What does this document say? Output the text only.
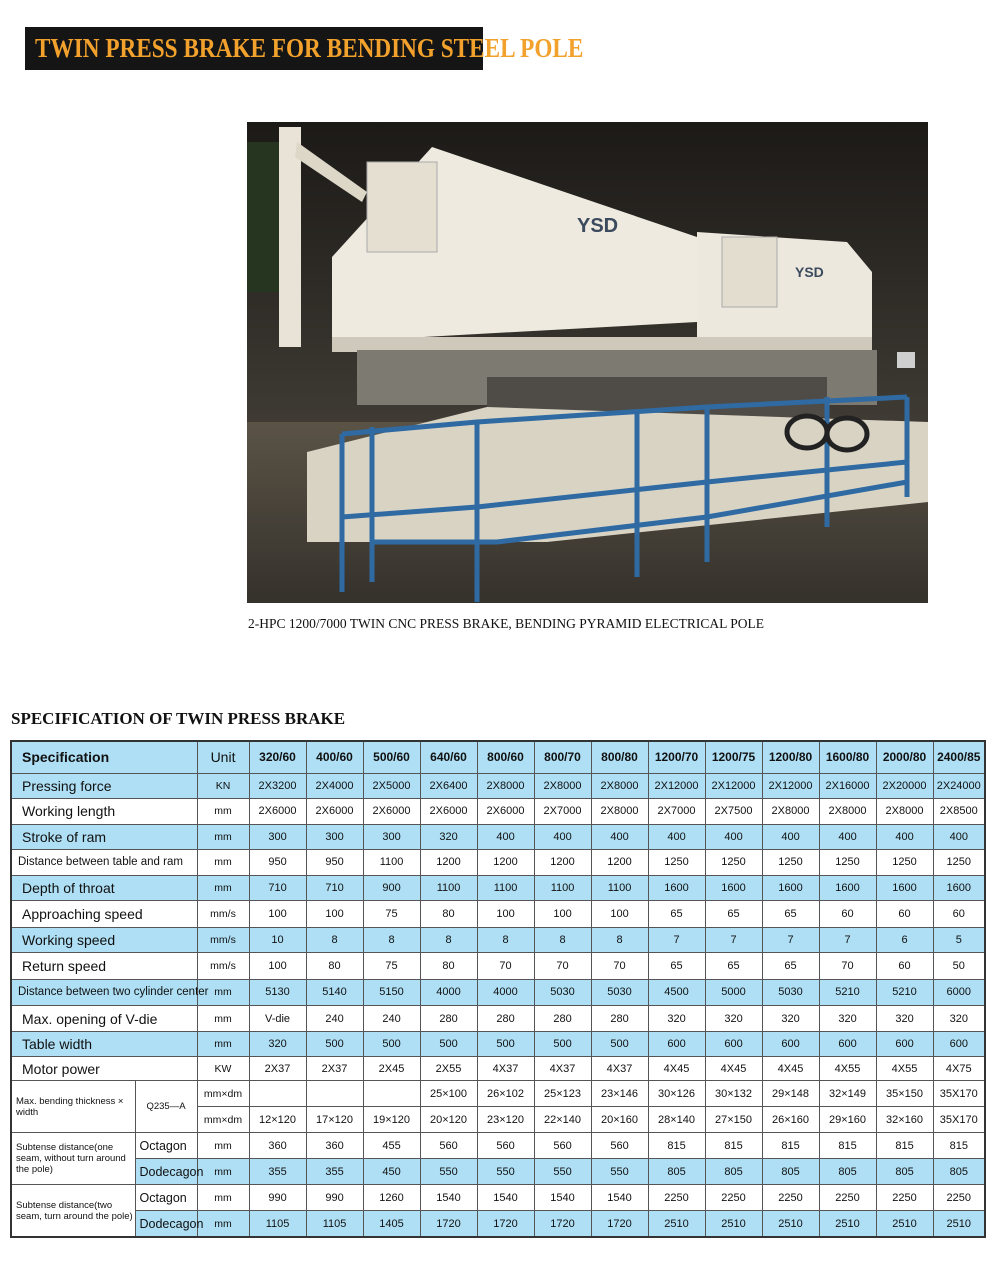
TWIN PRESS BRAKE FOR BENDING STEEL POLE
YSD
YSD
2-HPC 1200/7000 TWIN CNC PRESS BRAKE, BENDING PYRAMID ELECTRICAL POLE
SPECIFICATION OF TWIN PRESS BRAKE
Specification		Unit	320/60	400/60	500/60	640/60	800/60	800/70	800/80	1200/70	1200/75	1200/80	1600/80	2000/80	2400/85
Pressing force		KN	2X3200	2X4000	2X5000	2X6400	2X8000	2X8000	2X8000	2X12000	2X12000	2X12000	2X16000	2X20000	2X24000
Working length		mm	2X6000	2X6000	2X6000	2X6000	2X6000	2X7000	2X8000	2X7000	2X7500	2X8000	2X8000	2X8000	2X8500
Stroke of ram		mm	300	300	300	320	400	400	400	400	400	400	400	400	400
Distance between table and ram		mm	950	950	1100	1200	1200	1200	1200	1250	1250	1250	1250	1250	1250
Depth of throat		mm	710	710	900	1100	1100	1100	1100	1600	1600	1600	1600	1600	1600
Approaching speed		mm/s	100	100	75	80	100	100	100	65	65	65	60	60	60
Working speed		mm/s	10	8	8	8	8	8	8	7	7	7	7	6	5
Return speed		mm/s	100	80	75	80	70	70	70	65	65	65	70	60	50
Distance between two cylinder center		mm	5130	5140	5150	4000	4000	5030	5030	4500	5000	5030	5210	5210	6000
Max. opening of V-die		mm	V-die	240	240	280	280	280	280	320	320	320	320	320	320
Table width		mm	320	500	500	500	500	500	500	600	600	600	600	600	600
Motor power		KW	2X37	2X37	2X45	2X55	4X37	4X37	4X37	4X45	4X45	4X45	4X55	4X55	4X75
Max. bending thickness × width	Q235—A	mm×dm				25×100	26×102	25×123	23×146	30×126	30×132	29×148	32×149	35×150	35X170
		mm×dm	12×120	17×120	19×120	20×120	23×120	22×140	20×160	28×140	27×150	26×160	29×160	32×160	35X170
Subtense distance(one seam, without turn around the pole)	Octagon	mm	360	360	455	560	560	560	560	815	815	815	815	815	815
	Dodecagon	mm	355	355	450	550	550	550	550	805	805	805	805	805	805
Subtense distance(two seam, turn around the pole)	Octagon	mm	990	990	1260	1540	1540	1540	1540	2250	2250	2250	2250	2250	2250
	Dodecagon	mm	1105	1105	1405	1720	1720	1720	1720	2510	2510	2510	2510	2510	2510
